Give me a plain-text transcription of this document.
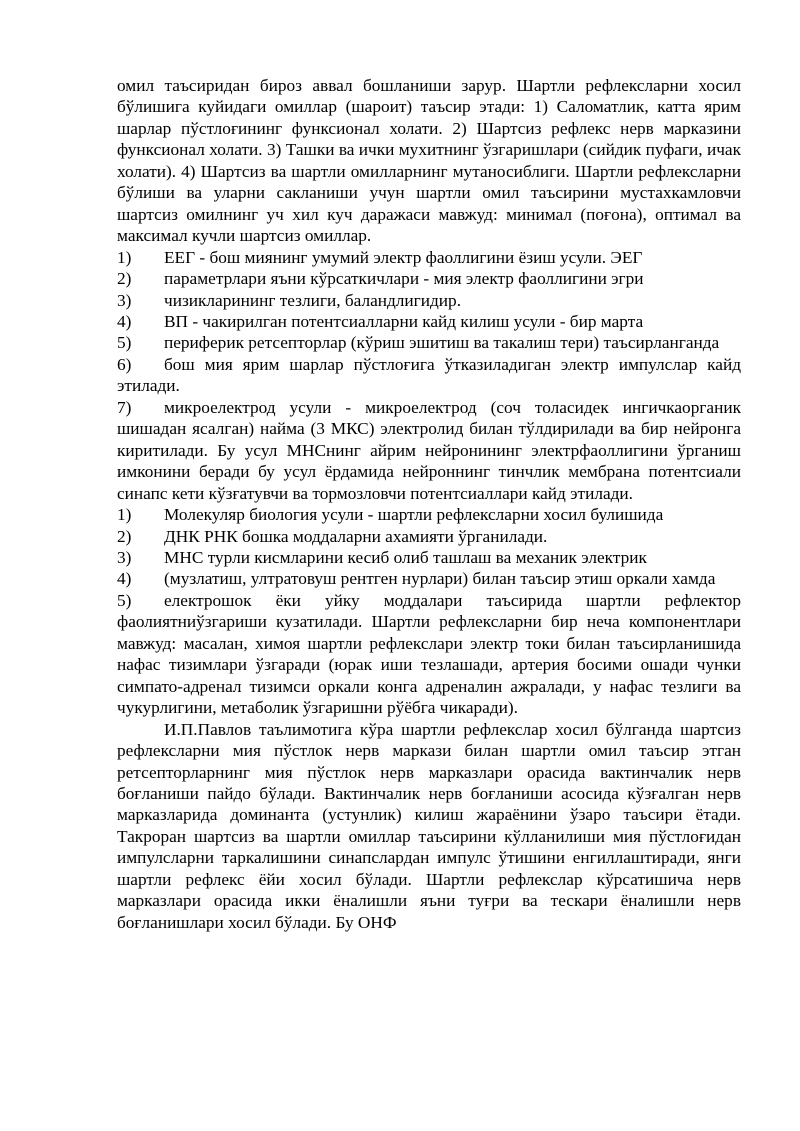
омил таъсиридан бироз аввал бошланиши зарур. Шартли рефлексларни хосил бўлишига куйидаги омиллар (шароит) таъсир этади: 1) Саломатлик, катта ярим шарлар пўстлоғининг функсионал холати. 2) Шартсиз рефлекс нерв марказини функсионал холати. 3) Ташки ва ички мухитнинг ўзгаришлари (сийдик пуфаги, ичак холати). 4) Шартсиз ва шартли омилларнинг мутаносиблиги. Шартли рефлексларни бўлиши ва уларни сакланиши учун шартли омил таъсирини мустахкамловчи шартсиз омилнинг уч хил куч даражаси мавжуд: минимал (поғона), оптимал ва максимал кучли шартсиз омиллар.

1) ЕЕГ - бош миянинг умумий электр фаоллигини ёзиш усули. ЭЕГ

2) параметрлари яъни кўрсаткичлари - мия электр фаоллигини эгри

3) чизикларининг тезлиги, баландлигидир.

4) ВП - чакирилган потентсиалларни кайд килиш усули - бир марта

5) периферик ретсепторлар (кўриш эшитиш ва такалиш тери) таъсирланганда

6) бош мия ярим шарлар пўстлоғига ўтказиладиган электр импулслар кайд этилади.

7) микроелектрод усули - микроелектрод (соч толасидек ингичкаорганик шишадан ясалган) найма (3 МКС) электролид билан тўлдирилади ва бир нейронга киритилади. Бу усул МНСнинг айрим нейронининг электрфаоллигини ўрганиш имконини беради бу усул ёрдамида нейроннинг тинчлик мембрана потентсиали синапс кети кўзғатувчи ва тормозловчи потентсиаллари кайд этилади.

1) Молекуляр биология усули - шартли рефлексларни хосил булишида

2) ДНК РНК бошка моддаларни ахамияти ўрганилади.

3) МНС турли кисмларини кесиб олиб ташлаш ва механик электрик

4) (музлатиш, ултратовуш рентген нурлари) билан таъсир этиш оркали хамда

5) електрошок ёки уйку моддалари таъсирида шартли рефлектор фаолиятниўзгариши кузатилади. Шартли рефлексларни бир неча компонентлари мавжуд: масалан, химоя шартли рефлекслари электр токи билан таъсирланишида нафас тизимлари ўзгаради (юрак иши тезлашади, артерия босими ошади чунки симпато-адренал тизимси оркали конга адреналин ажралади, у нафас тезлиги ва чукурлигини, метаболик ўзгаришни рўёбга чикаради).

И.П.Павлов таълимотига кўра шартли рефлекслар хосил бўлганда шартсиз рефлексларни мия пўстлок нерв маркази билан шартли омил таъсир этган ретсепторларнинг мия пўстлок нерв марказлари орасида вактинчалик нерв боғланиши пайдо бўлади. Вактинчалик нерв боғланиши асосида кўзғалган нерв марказларида доминанта (устунлик) килиш жараёнини ўзаро таъсири ётади. Такроран шартсиз ва шартли омиллар таъсирини кўлланилиши мия пўстлоғидан импулсларни таркалишини синапслардан импулс ўтишини енгиллаштиради, янги шартли рефлекс ёйи хосил бўлади. Шартли рефлекслар кўрсатишича нерв марказлари орасида икки ёналишли яъни туғри ва тескари ёналишли нерв боғланишлари хосил бўлади. Бу ОНФ
